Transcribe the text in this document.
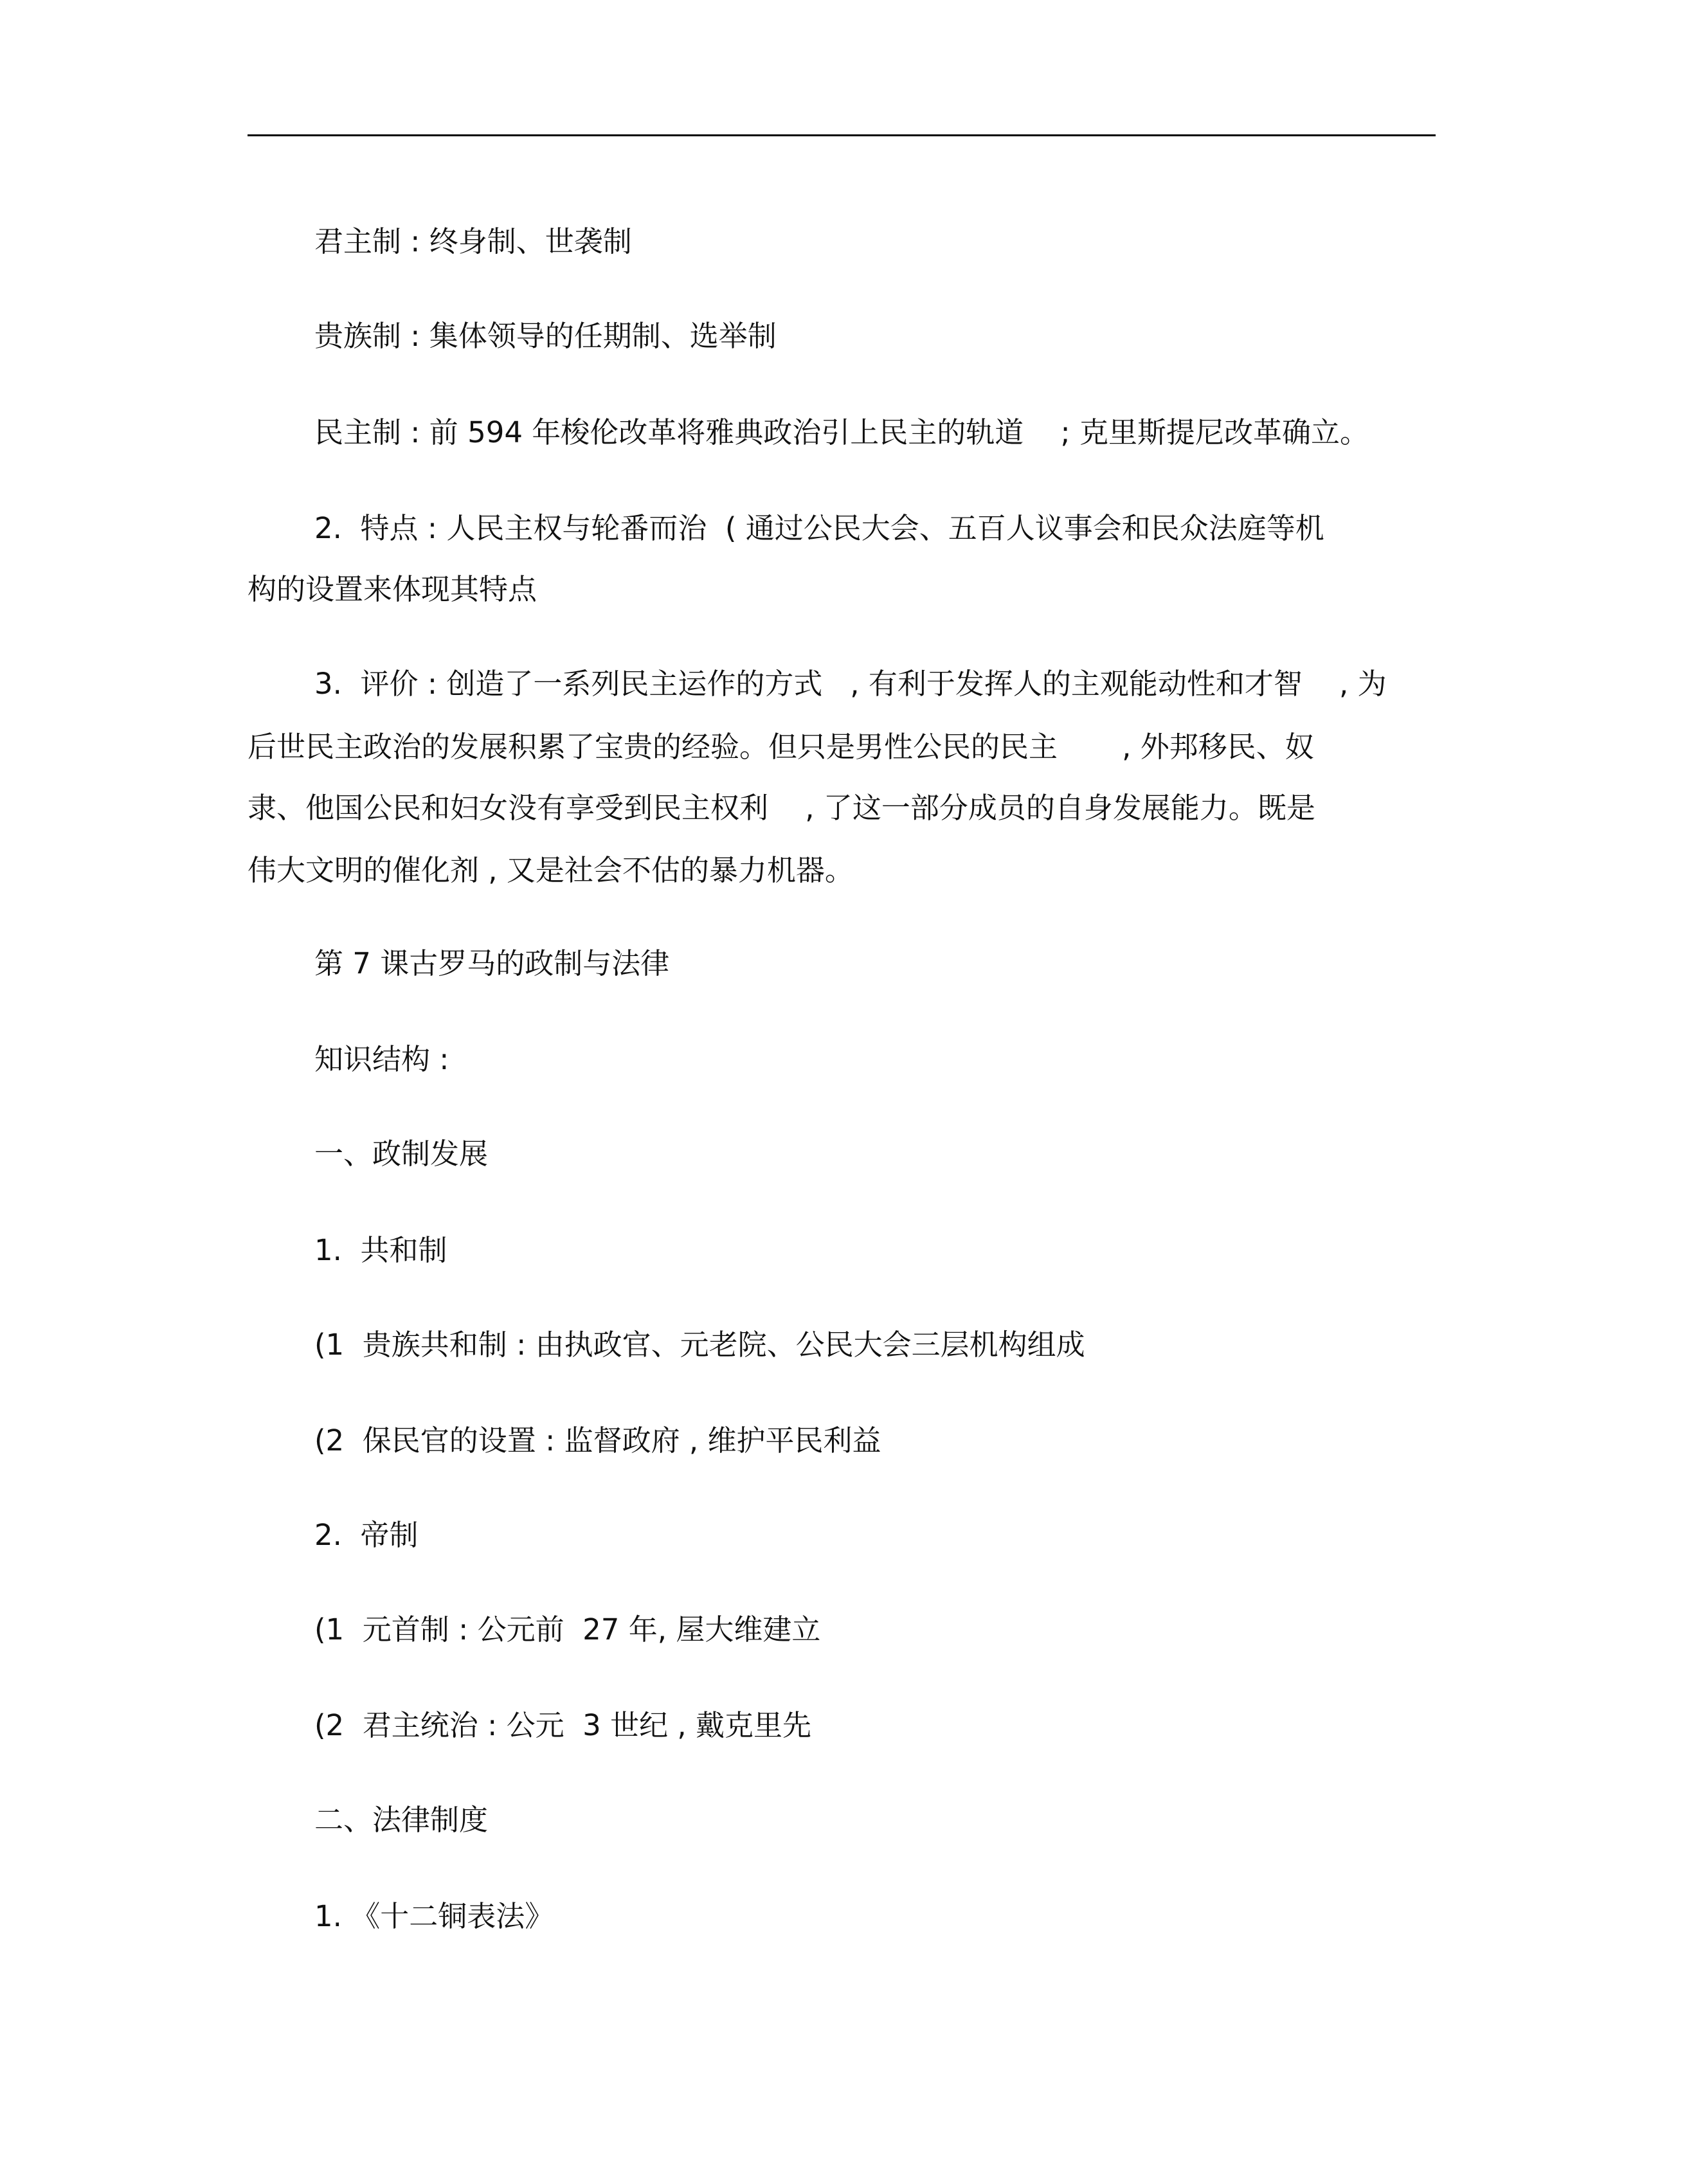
君主制 : 终身制、世袭制
贵族制 : 集体领导的任期制、选举制
民主制 : 前 594 年梭伦改革将雅典政治引上民主的轨道    ; 克里斯提尼改革确立。
2.  特点 : 人民主权与轮番而治  ( 通过公民大会、五百人议事会和民众法庭等机
构的设置来体现其特点
3.  评价 : 创造了一系列民主运作的方式   , 有利于发挥人的主观能动性和才智    , 为
后世民主政治的发展积累了宝贵的经验。但只是男性公民的民主       , 外邦移民、奴
隶、他国公民和妇女没有享受到民主权利    , 了这一部分成员的自身发展能力。既是
伟大文明的催化剂 , 又是社会不估的暴力机器。
第 7 课古罗马的政制与法律
知识结构 :
一、政制发展
1.  共和制
(1  贵族共和制 : 由执政官、元老院、公民大会三层机构组成
(2  保民官的设置 : 监督政府 , 维护平民利益
2.  帝制
(1  元首制 : 公元前  27 年, 屋大维建立
(2  君主统治 : 公元  3 世纪 , 戴克里先
二、法律制度
1. 《十二铜表法》
